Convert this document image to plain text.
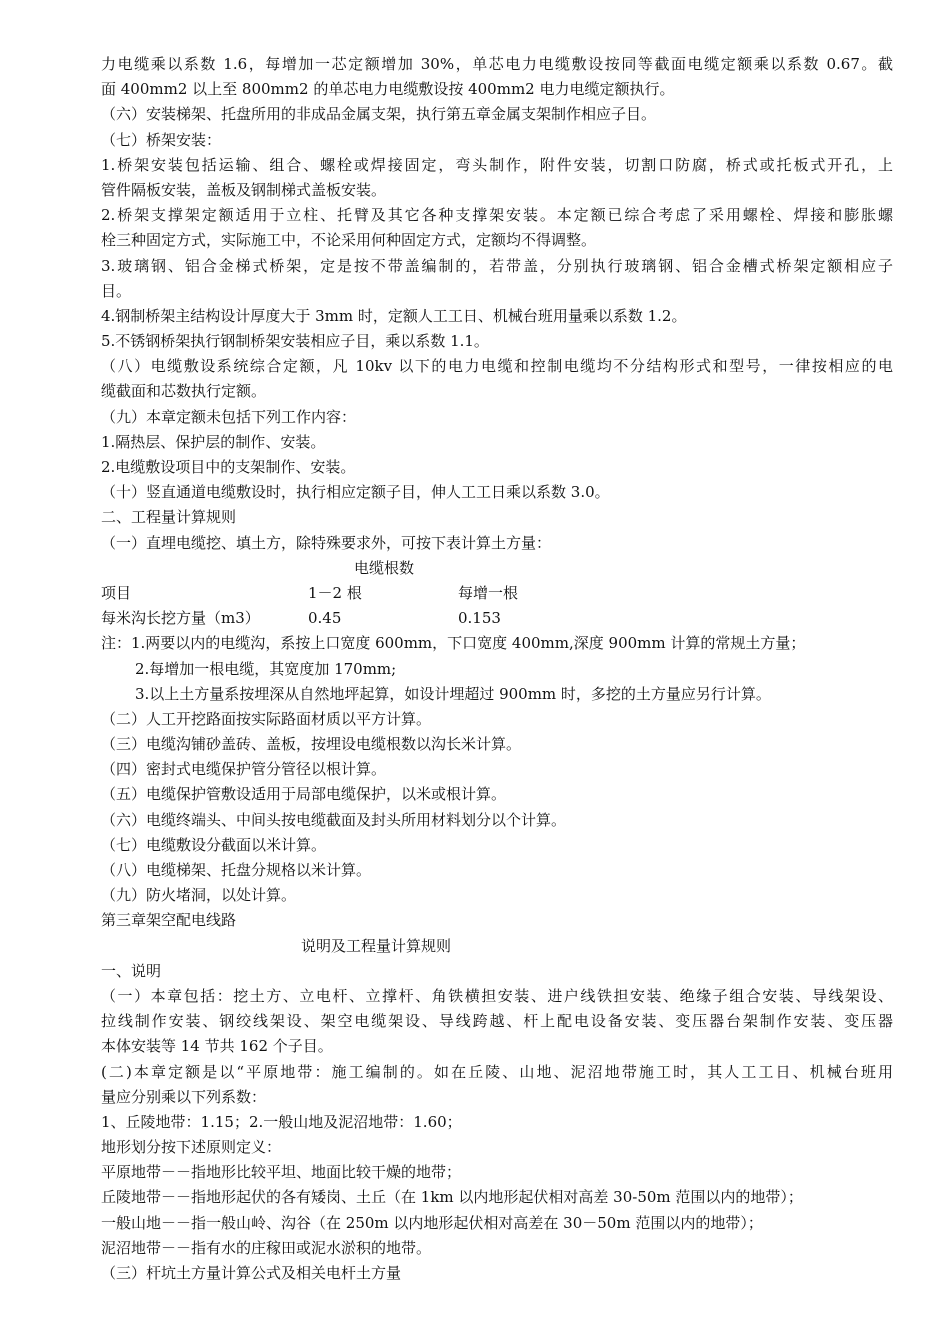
力电缆乘以系数 1.6，每增加一芯定额增加 30%，单芯电力电缆敷设按同等截面电缆定额乘以系数 0.67。截
面 400mm2 以上至 800mm2 的单芯电力电缆敷设按 400mm2 电力电缆定额执行。
（六）安装梯架、托盘所用的非成品金属支架，执行第五章金属支架制作相应子目。
（七）桥架安装：
1.桥架安装包括运输、组合、螺栓或焊接固定，弯头制作，附件安装，切割口防腐，桥式或托板式开孔，上
管件隔板安装，盖板及钢制梯式盖板安装。
2.桥架支撑架定额适用于立柱、托臂及其它各种支撑架安装。本定额已综合考虑了采用螺栓、焊接和膨胀螺
栓三种固定方式，实际施工中，不论采用何种固定方式，定额均不得调整。
3.玻璃钢、铝合金梯式桥架，定是按不带盖编制的，若带盖，分别执行玻璃钢、铝合金槽式桥架定额相应子
目。
4.钢制桥架主结构设计厚度大于 3mm 时，定额人工工日、机械台班用量乘以系数 1.2。
5.不锈钢桥架执行钢制桥架安装相应子目，乘以系数 1.1。
（八）电缆敷设系统综合定额，凡 10kv 以下的电力电缆和控制电缆均不分结构形式和型号，一律按相应的电
缆截面和芯数执行定额。
（九）本章定额未包括下列工作内容：
1.隔热层、保护层的制作、安装。
2.电缆敷设项目中的支架制作、安装。
（十）竖直通道电缆敷设时，执行相应定额子目，伸人工工日乘以系数 3.0。
二、工程量计算规则
（一）直埋电缆挖、填土方，除特殊要求外，可按下表计算土方量：
电缆根数
项目	1－2 根	每增一根
每米沟长挖方量（m3）	0.45	0.153
注：1.两要以内的电缆沟，系按上口宽度 600mm，下口宽度 400mm,深度 900mm 计算的常规土方量；
2.每增加一根电缆，其宽度加 170mm;
3.以上土方量系按埋深从自然地坪起算，如设计埋超过 900mm 时，多挖的土方量应另行计算。
（二）人工开挖路面按实际路面材质以平方计算。
（三）电缆沟铺砂盖砖、盖板，按埋设电缆根数以沟长米计算。
（四）密封式电缆保护管分管径以根计算。
（五）电缆保护管敷设适用于局部电缆保护，以米或根计算。
（六）电缆终端头、中间头按电缆截面及封头所用材料划分以个计算。
（七）电缆敷设分截面以米计算。
（八）电缆梯架、托盘分规格以米计算。
（九）防火堵洞，以处计算。
第三章架空配电线路
说明及工程量计算规则
一、说明
（一）本章包括：挖土方、立电杆、立撑杆、角铁横担安装、进户线铁担安装、绝缘子组合安装、导线架设、
拉线制作安装、钢绞线架设、架空电缆架设、导线跨越、杆上配电设备安装、变压器台架制作安装、变压器
本体安装等 14 节共 162 个子目。
(二)本章定额是以“平原地带：施工编制的。如在丘陵、山地、泥沼地带施工时，其人工工日、机械台班用
量应分别乘以下列系数：
1、丘陵地带：1.15；2.一般山地及泥沼地带：1.60；
地形划分按下述原则定义：
平原地带－－指地形比较平坦、地面比较干燥的地带；
丘陵地带－－指地形起伏的各有矮岗、土丘（在 1km 以内地形起伏相对高差 30-50m 范围以内的地带）；
一般山地－－指一般山岭、沟谷（在 250m 以内地形起伏相对高差在 30－50m 范围以内的地带）；
泥沼地带－－指有水的庄稼田或泥水淤积的地带。
（三）杆坑土方量计算公式及相关电杆土方量
